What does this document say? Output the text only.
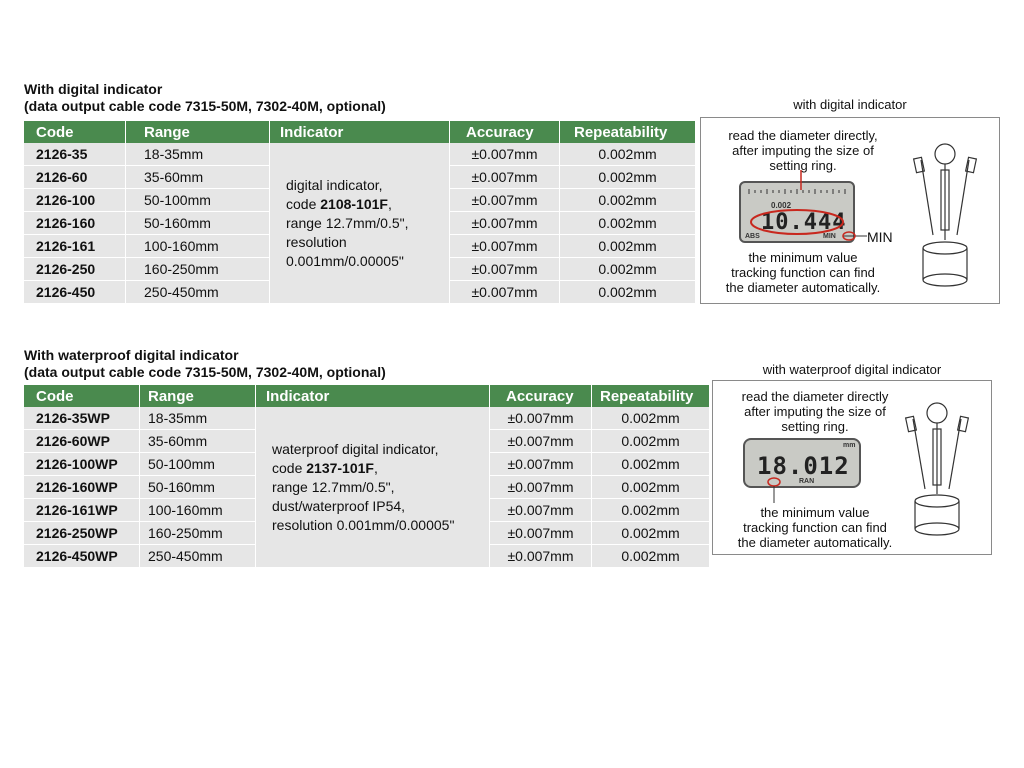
With digital indicator
(data output cable code 7315-50M, 7302-40M, optional)
Code	Range	Indicator	Accuracy	Repeatability
2126-35	18-35mm	digital indicator,
code 2108-101F,
range 12.7mm/0.5",
resolution
0.001mm/0.00005"	±0.007mm	0.002mm
2126-60	35-60mm		±0.007mm	0.002mm
2126-100	50-100mm		±0.007mm	0.002mm
2126-160	50-160mm		±0.007mm	0.002mm
2126-161	100-160mm		±0.007mm	0.002mm
2126-250	160-250mm		±0.007mm	0.002mm
2126-450	250-450mm		±0.007mm	0.002mm
with digital indicator
read the diameter directly,
after imputing the size of
setting ring.
0.002
10.444
ABS	MIN MIN
the minimum value
tracking function can find
the diameter automatically.
With waterproof digital indicator
(data output cable code 7315-50M, 7302-40M, optional)
Code	Range	Indicator	Accuracy	Repeatability
2126-35WP	18-35mm	waterproof digital indicator,
code 2137-101F,
range 12.7mm/0.5",
dust/waterproof IP54,
resolution 0.001mm/0.00005"	±0.007mm	0.002mm
2126-60WP	35-60mm		±0.007mm	0.002mm
2126-100WP	50-100mm		±0.007mm	0.002mm
2126-160WP	50-160mm		±0.007mm	0.002mm
2126-161WP	100-160mm		±0.007mm	0.002mm
2126-250WP	160-250mm		±0.007mm	0.002mm
2126-450WP	250-450mm		±0.007mm	0.002mm
with waterproof digital indicator
read the diameter directly
after imputing the size of
setting ring.
mm
18.012
RAN
the minimum value
tracking function can find
the diameter automatically.
